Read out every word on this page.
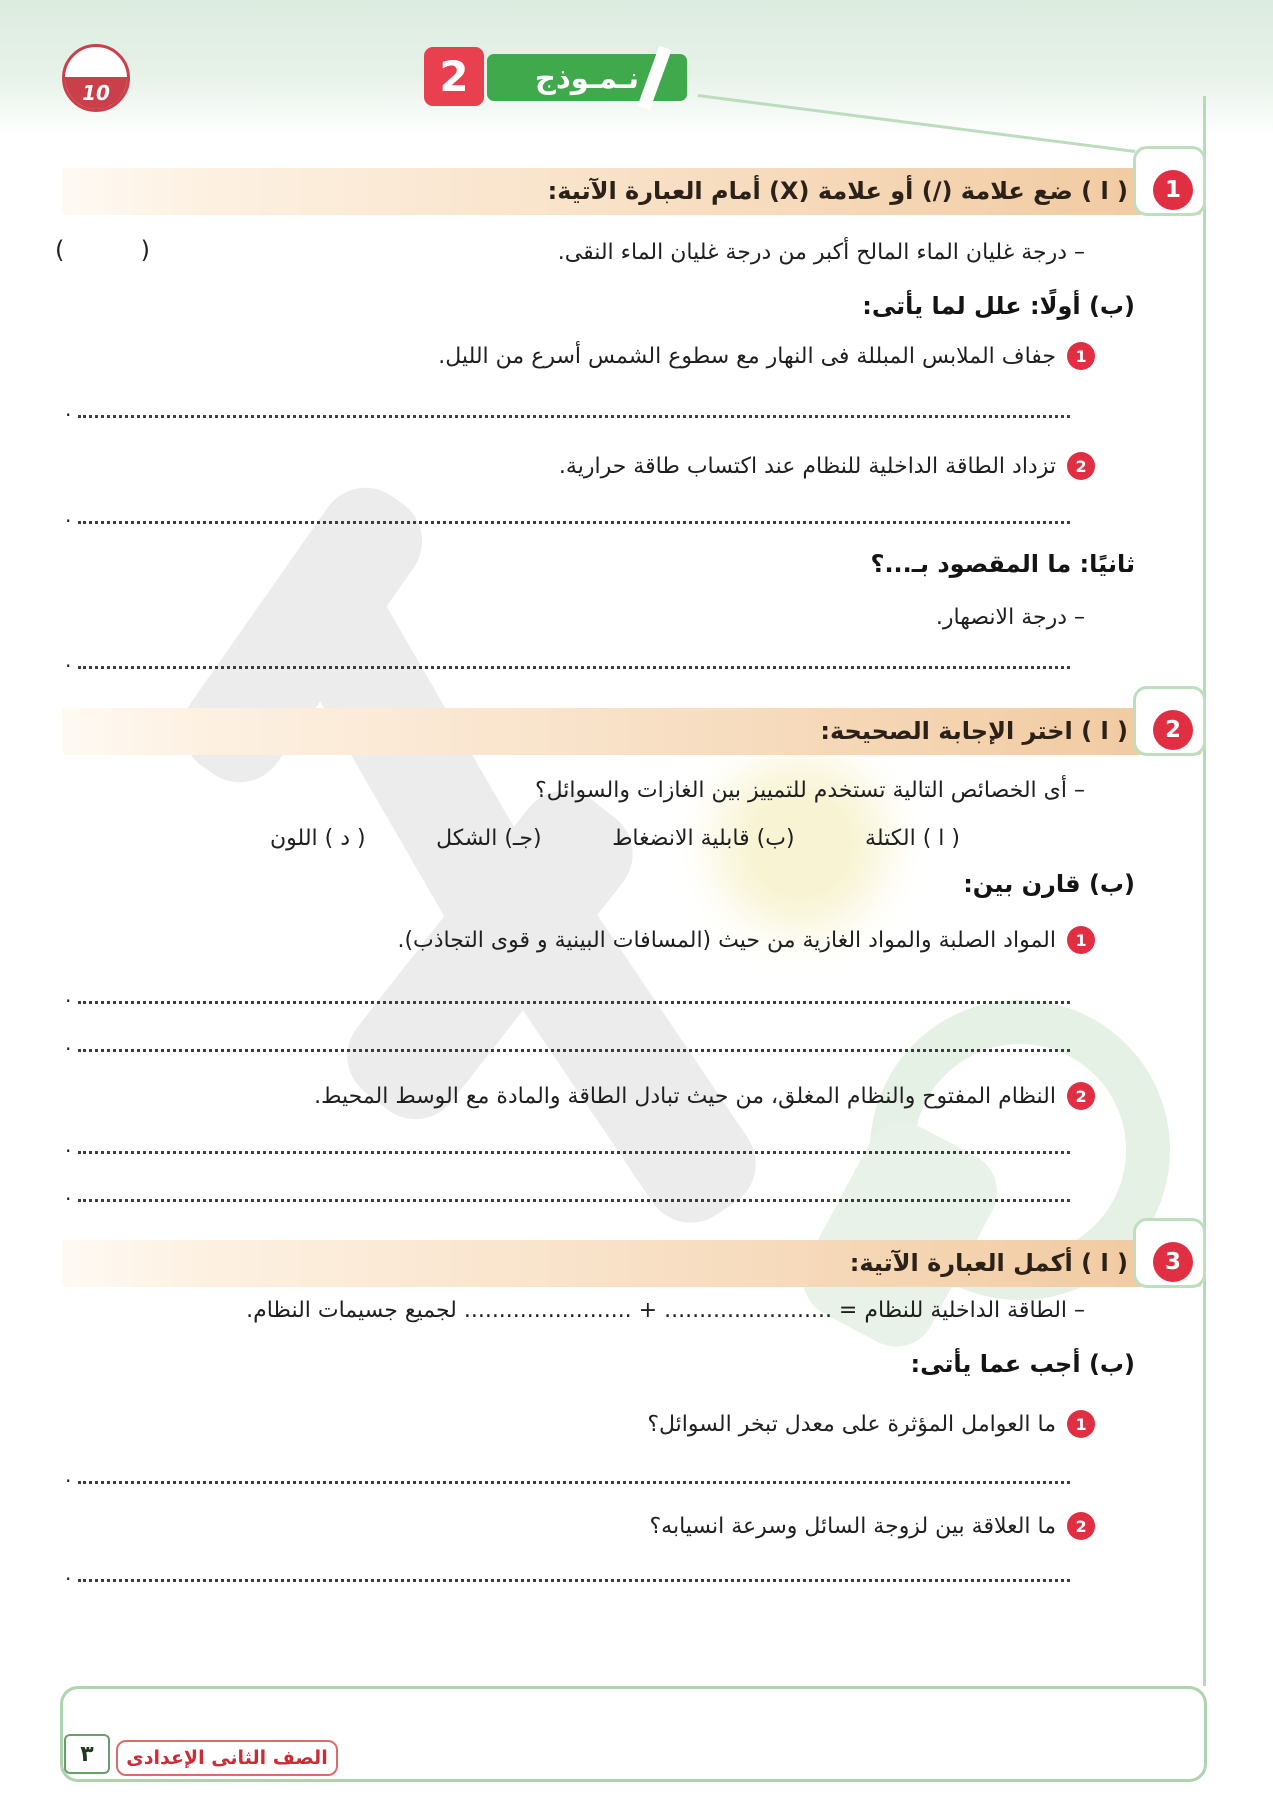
10	2	نـمـوذج
( ا ) ضع علامة (/) أو علامة (X) أمام العبارة الآتية:	1
– درجة غليان الماء المالح أكبر من درجة غليان الماء النقى.
(          )
(ب) أولًا: علل لما يأتى:
1
جفاف الملابس المبللة فى النهار مع سطوع الشمس أسرع من الليل.
.
2
تزداد الطاقة الداخلية للنظام عند اكتساب طاقة حرارية.
.
ثانيًا: ما المقصود بـ...؟
– درجة الانصهار.
.
( ا ) اختر الإجابة الصحيحة:	2
– أى الخصائص التالية تستخدم للتمييز بين الغازات والسوائل؟
( ا ) الكتلة
(ب) قابلية الانضغاط
(جـ) الشكل
( د ) اللون
(ب) قارن بين:
1
المواد الصلبة والمواد الغازية من حيث (المسافات البينية و قوى التجاذب).
.
.
2
النظام المفتوح والنظام المغلق، من حيث تبادل الطاقة والمادة مع الوسط المحيط.
.
.
( ا ) أكمل العبارة الآتية:	3
– الطاقة الداخلية للنظام = ........................ + ........................ لجميع جسيمات النظام.
(ب) أجب عما يأتى:
1
ما العوامل المؤثرة على معدل تبخر السوائل؟
.
2
ما العلاقة بين لزوجة السائل وسرعة انسيابه؟
.
٣	الصف الثانى الإعدادى
